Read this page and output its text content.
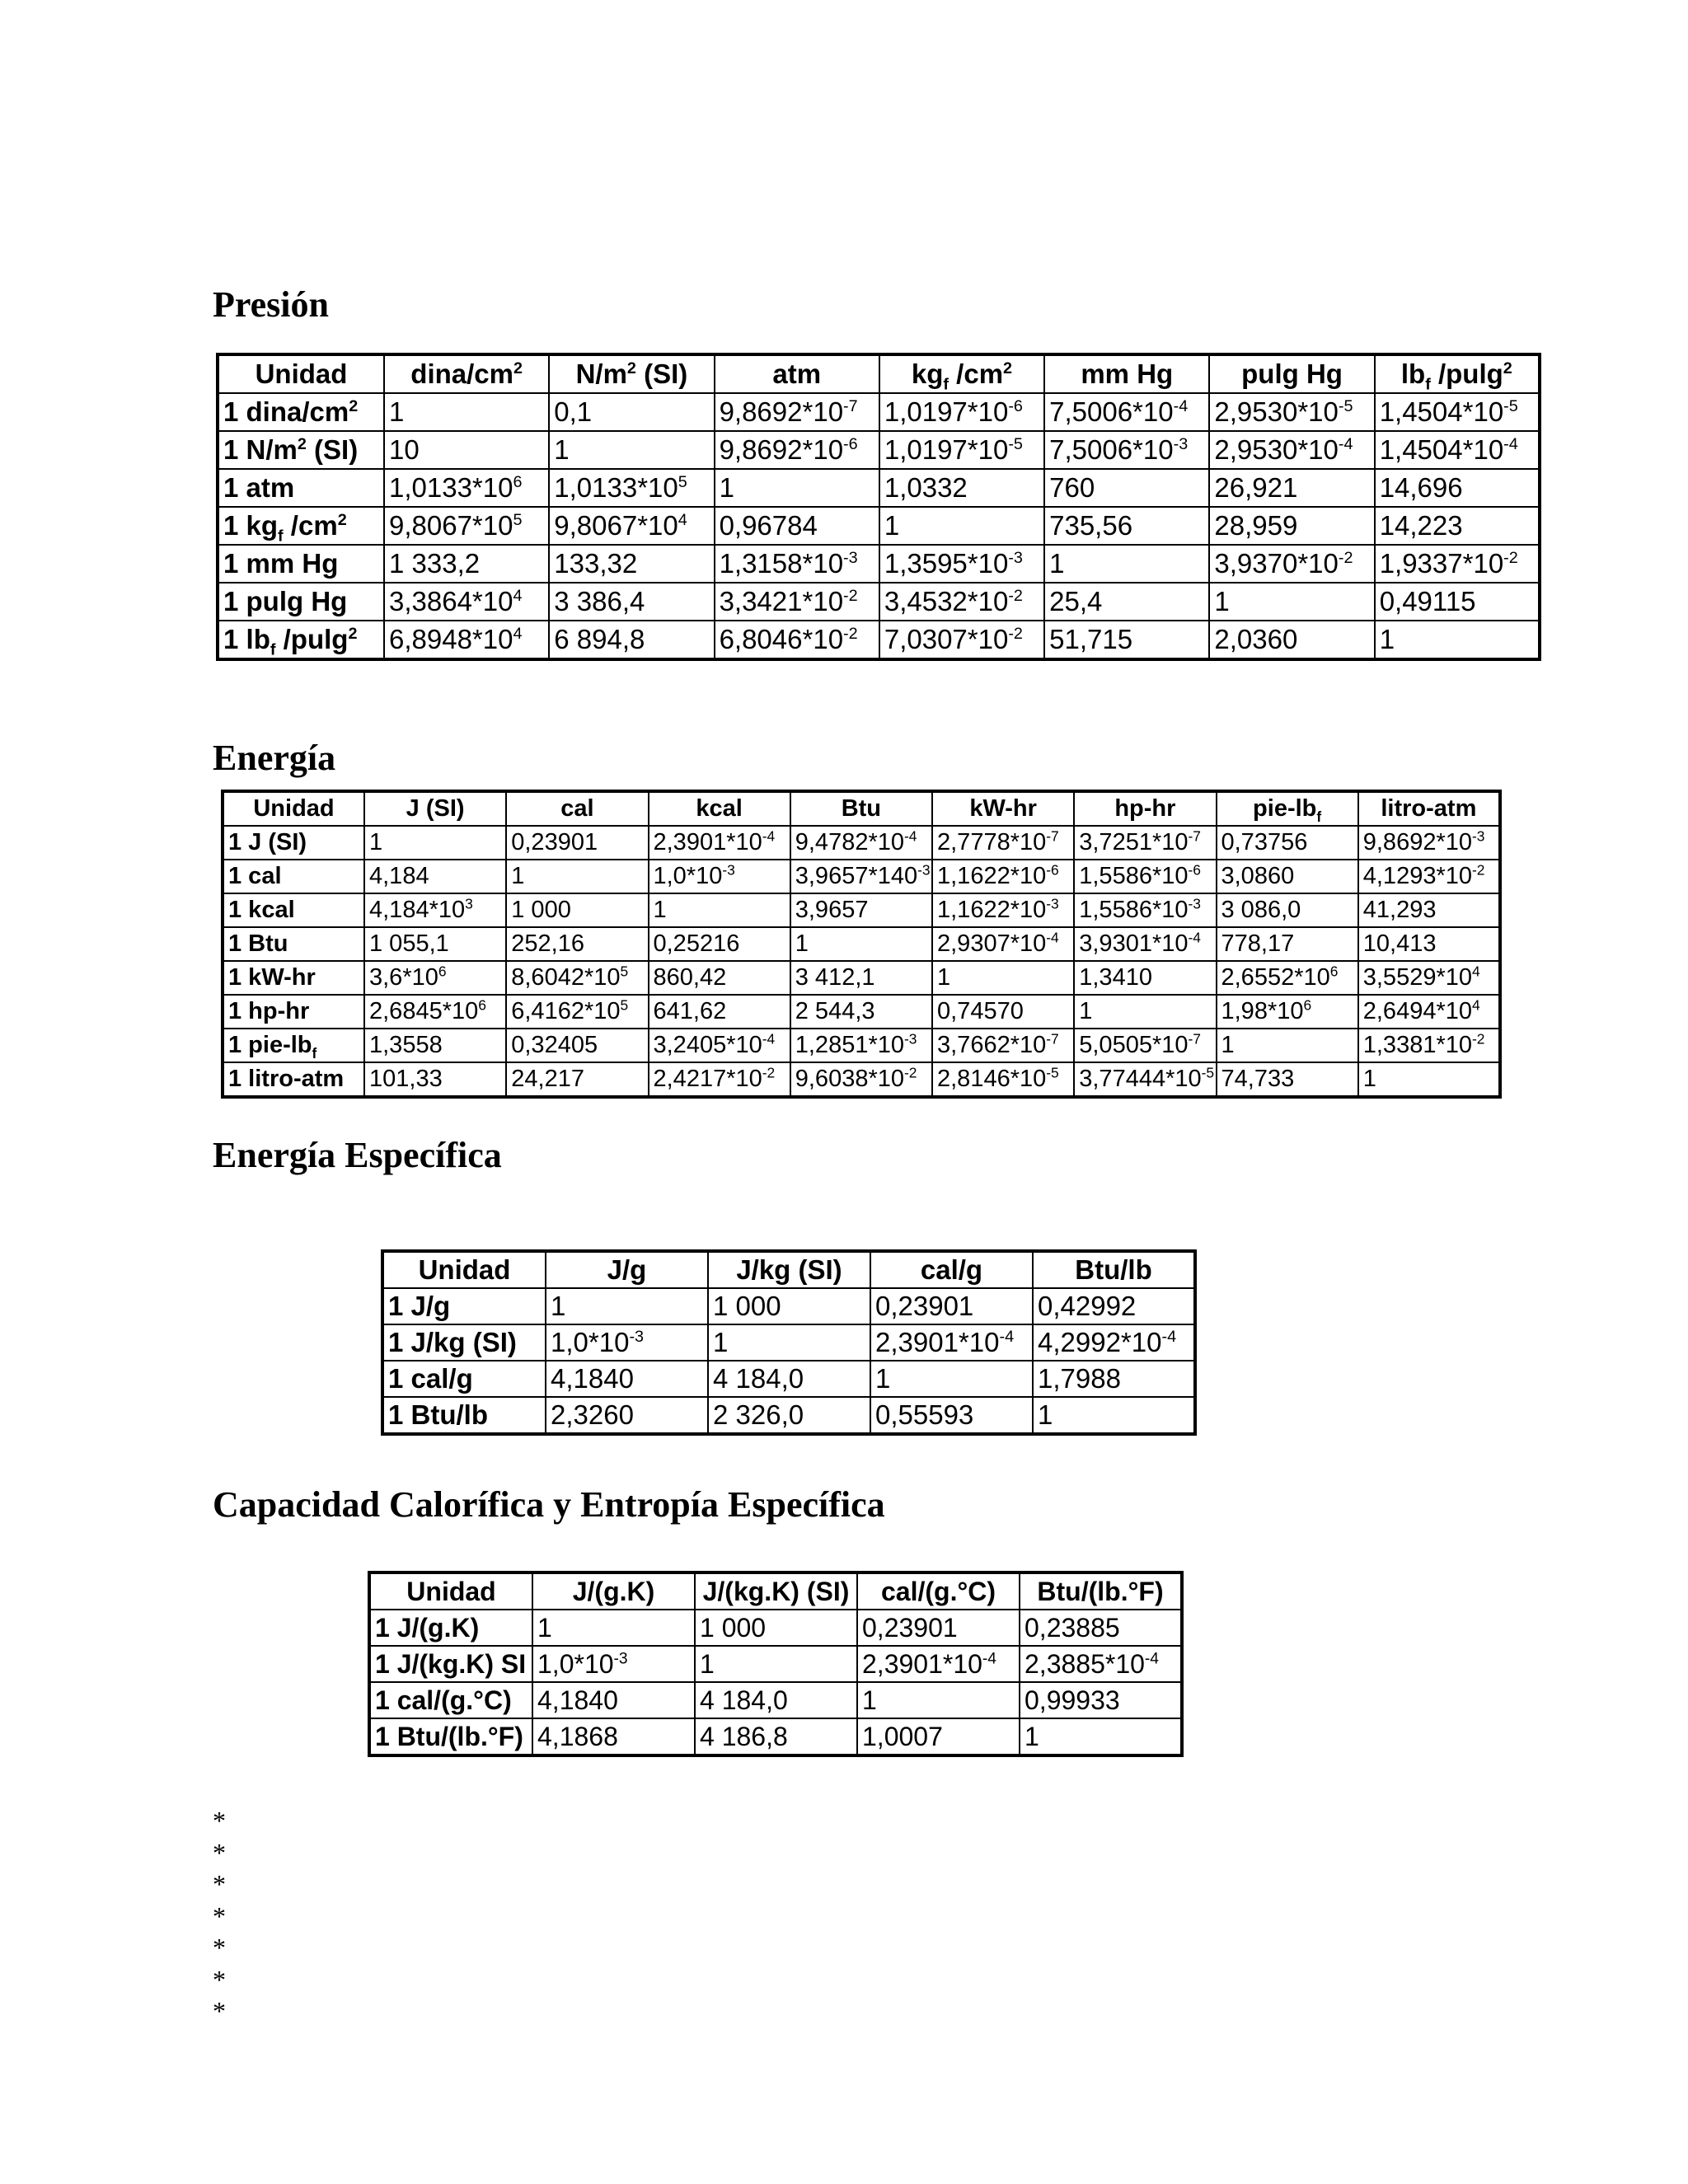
Presión
Unidad	dina/$cm^2$	$N/m^2$ (SI)	atm	$kg_f$ $/cm^2$	mm Hg	pulg Hg	$lb_f$ /pulg$^2$
1 dina/$cm^2$	1	0,1	$9,8692*10^{-7}$	$1,0197*10^{-6}$	$7,5006*10^{-4}$	$2,9530*10^{-5}$	$1,4504*10^{-5}$
1 $N/m^2$ (SI)	10	1	$9,8692*10^{-6}$	$1,0197*10^{-5}$	$7,5006*10^{-3}$	$2,9530*10^{-4}$	$1,4504*10^{-4}$
1 atm	$1,0133*10^6$	$1,0133*10^5$	1	1,0332	760	26,921	14,696
1 $kg_f$ $/cm^2$	$9,8067*10^5$	$9,8067*10^4$	0,96784	1	735,56	28,959	14,223
1 mm Hg	1 333,2	133,32	$1,3158*10^{-3}$	$1,3595*10^{-3}$	1	$3,9370*10^{-2}$	$1,9337*10^{-2}$
1 pulg Hg	$3,3864*10^4$	3 386,4	$3,3421*10^{-2}$	$3,4532*10^{-2}$	25,4	1	0,49115
1 $lb_f$ /pulg$^2$	$6,8948*10^4$	6 894,8	$6,8046*10^{-2}$	$7,0307*10^{-2}$	51,715	2,0360	1
Energía
Unidad	J (SI)	cal	kcal	Btu	kW-hr	hp-hr	pie-$lb_f$	litro-atm
1 J (SI)	1	0,23901	$2,3901*10^{-4}$	$9,4782*10^{-4}$	$2,7778*10^{-7}$	$3,7251*10^{-7}$	0,73756	$9,8692*10^{-3}$
1 cal	4,184	1	$1,0*10^{-3}$	$3,9657*140^{-3}$	$1,1622*10^{-6}$	$1,5586*10^{-6}$	3,0860	$4,1293*10^{-2}$
1 kcal	$4,184*10^3$	1 000	1	3,9657	$1,1622*10^{-3}$	$1,5586*10^{-3}$	3 086,0	41,293
1 Btu	1 055,1	252,16	0,25216	1	$2,9307*10^{-4}$	$3,9301*10^{-4}$	778,17	10,413
1 kW-hr	$3,6*10^6$	$8,6042*10^5$	860,42	3 412,1	1	1,3410	$2,6552*10^6$	$3,5529*10^4$
1 hp-hr	$2,6845*10^6$	$6,4162*10^5$	641,62	2 544,3	0,74570	1	$1,98*10^6$	$2,6494*10^4$
1 pie-$lb_f$	1,3558	0,32405	$3,2405*10^{-4}$	$1,2851*10^{-3}$	$3,7662*10^{-7}$	$5,0505*10^{-7}$	1	$1,3381*10^{-2}$
1 litro-atm	101,33	24,217	$2,4217*10^{-2}$	$9,6038*10^{-2}$	$2,8146*10^{-5}$	$3,77444*10^{-5}$	74,733	1
Energía Específica
Unidad	J/g	J/kg (SI)	cal/g	Btu/lb
1 J/g	1	1 000	0,23901	0,42992
1 J/kg (SI)	$1,0*10^{-3}$	1	$2,3901*10^{-4}$	$4,2992*10^{-4}$
1 cal/g	4,1840	4 184,0	1	1,7988
1 Btu/lb	2,3260	2 326,0	0,55593	1
Capacidad Calorífica y Entropía Específica
Unidad	J/(g.K)	J/(kg.K) (SI)	cal/(g.°C)	Btu/(lb.°F)
1 J/(g.K)	1	1 000	0,23901	0,23885
1 J/(kg.K) SI	$1,0*10^{-3}$	1	$2,3901*10^{-4}$	$2,3885*10^{-4}$
1 cal/(g.°C)	4,1840	4 184,0	1	0,99933
1 Btu/(lb.°F)	4,1868	4 186,8	1,0007	1
*
*
*
*
*
*
*
